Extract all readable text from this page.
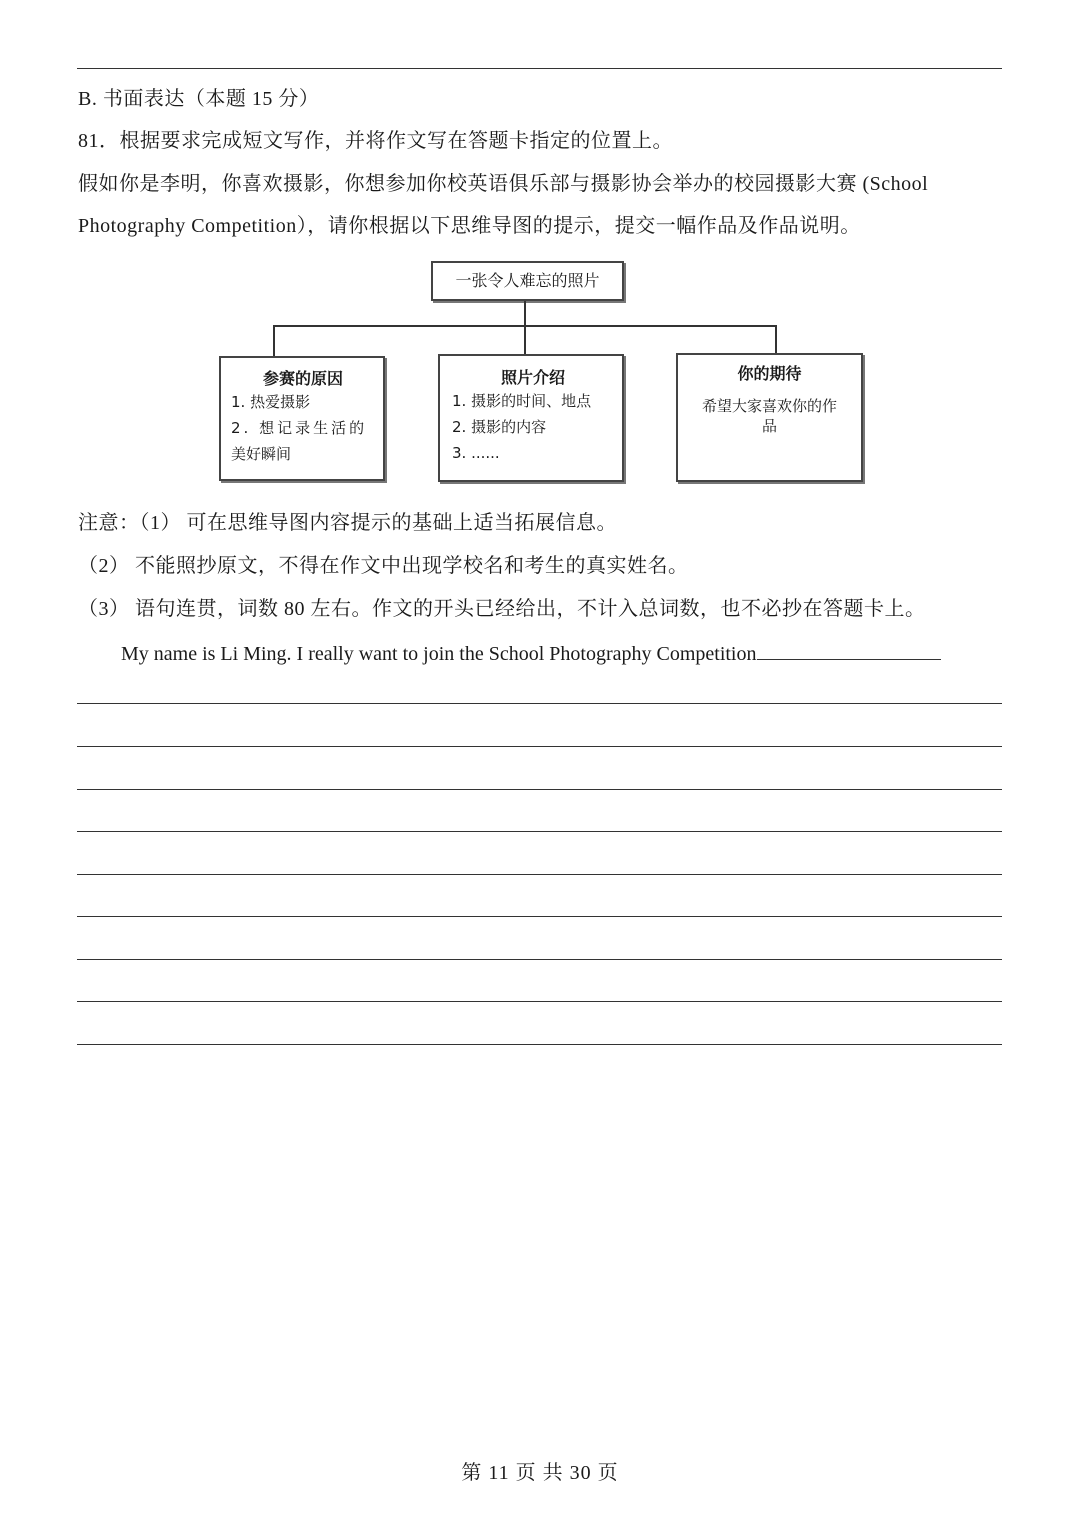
B. 书面表达（本题 15 分）
81．根据要求完成短文写作，并将作文写在答题卡指定的位置上。
假如你是李明，你喜欢摄影，你想参加你校英语俱乐部与摄影协会举办的校园摄影大赛 (School
Photography Competition），请你根据以下思维导图的提示，提交一幅作品及作品说明。
一张令人难忘的照片
参赛的原因
1. 热爱摄影
2. 想记录生活的
美好瞬间
照片介绍
1. 摄影的时间、地点
2. 摄影的内容
3. ......
你的期待
希望大家喜欢你的作
品
注意：（1） 可在思维导图内容提示的基础上适当拓展信息。
（2） 不能照抄原文，不得在作文中出现学校名和考生的真实姓名。
（3） 语句连贯，词数 80 左右。作文的开头已经给出，不计入总词数，也不必抄在答题卡上。
My name is Li Ming. I really want to join the School Photography Competition
第 11 页 共 30 页
